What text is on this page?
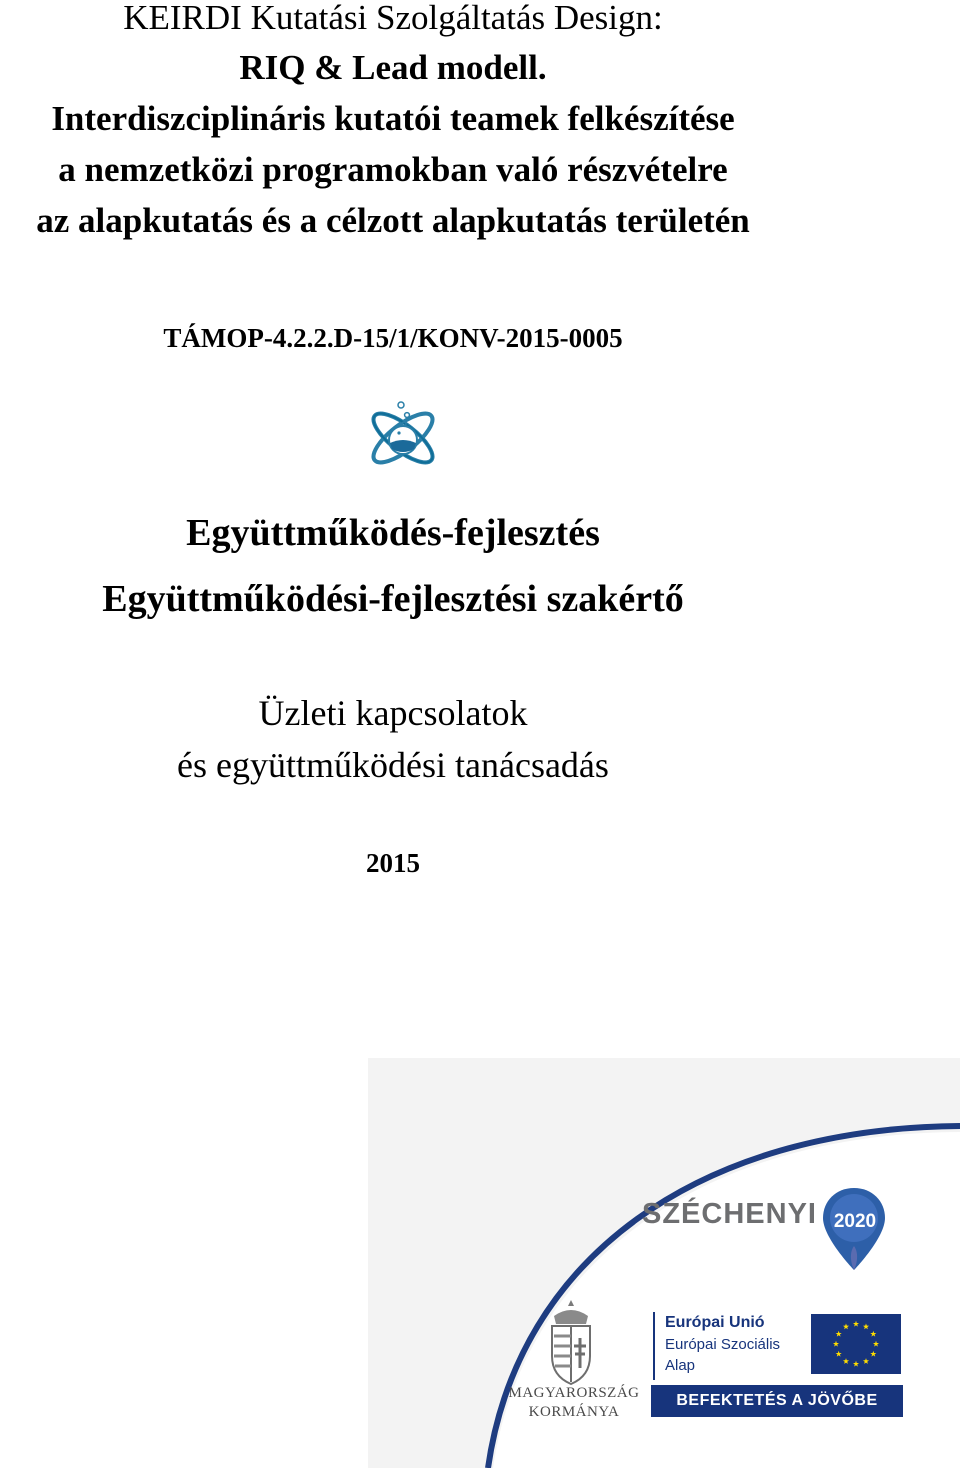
KEIRDI Kutatási Szolgáltatás Design:
RIQ & Lead modell.
Interdiszciplináris kutatói teamek felkészítése
a nemzetközi programokban való részvételre
az alapkutatás és a célzott alapkutatás területén
TÁMOP-4.2.2.D-15/1/KONV-2015-0005
Együttműködés-fejlesztés
Együttműködési-fejlesztési szakértő
Üzleti kapcsolatok
és együttműködési tanácsadás
2015
SZÉCHENYI 2020
MAGYARORSZÁG
KORMÁNYA
Európai Unió
Európai Szociális
Alap
BEFEKTETÉS A JÖVŐBE
